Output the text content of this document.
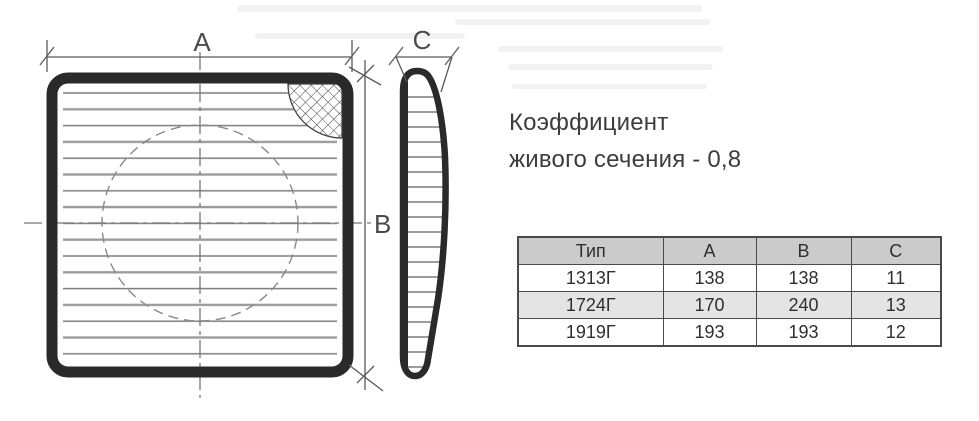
A
B
C
Коэффициент
живого сечения - 0,8
Тип	A	B	C
1313Г	138	138	11
1724Г	170	240	13
1919Г	193	193	12
